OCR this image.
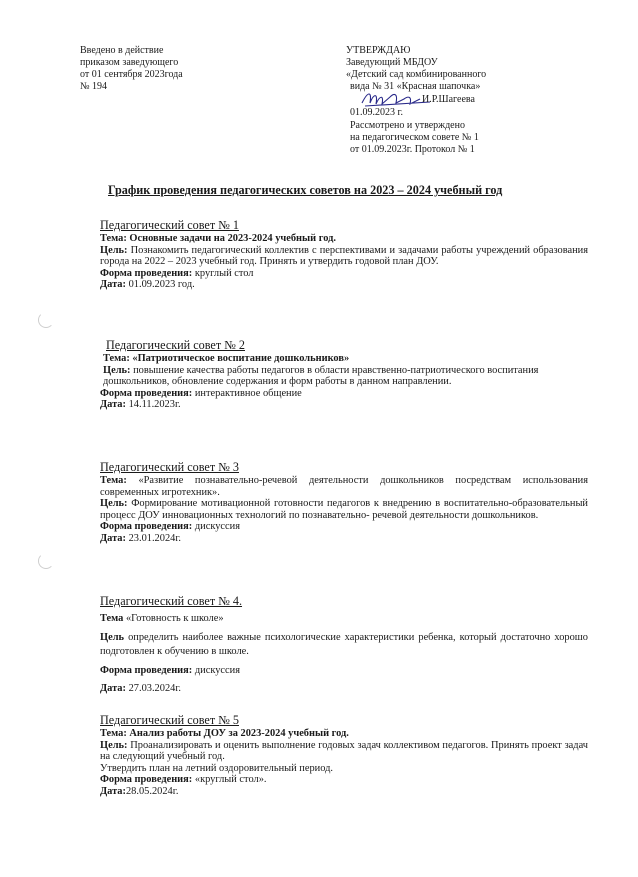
Введено в действие
приказом заведующего
от 01 сентября 2023года
№ 194
УТВЕРЖДАЮ
Заведующий МБДОУ
«Детский сад комбинированного
вида № 31 «Красная шапочка»
И.Р.Шагеева
01.09.2023 г.
Рассмотрено и утверждено
на педагогическом совете № 1
от 01.09.2023г. Протокол № 1
График проведения педагогических советов на 2023 – 2024 учебный год
Педагогический совет № 1

Тема: Основные задачи на 2023-2024 учебный год.

Цель: Познакомить педагогический коллектив с перспективами и задачами работы учреждений образования города на 2022 – 2023 учебный год. Принять и утвердить годовой план ДОУ.

Форма проведения: круглый стол

Дата: 01.09.2023 год.

Педагогический совет № 2

Тема: «Патриотическое воспитание дошкольников»

Цель: повышение качества работы педагогов в области нравственно-патриотического воспитания дошкольников, обновление содержания и форм работы в данном направлении.

Форма проведения: интерактивное общение

Дата: 14.11.2023г.

Педагогический совет № 3

Тема: «Развитие познавательно-речевой деятельности дошкольников посредствам использования современных игротехник».

Цель: Формирование мотивационной готовности педагогов к внедрению в воспитательно-образовательный процесс ДОУ инновационных технологий по познавательно- речевой деятельности дошкольников.

Форма проведения: дискуссия

Дата: 23.01.2024г.

Педагогический совет № 4.

Тема «Готовность к школе»

Цель определить наиболее важные психологические характеристики ребенка, который достаточно хорошо подготовлен к обучению в школе.

Форма проведения: дискуссия

Дата: 27.03.2024г.

Педагогический совет № 5

Тема: Анализ работы ДОУ за 2023-2024 учебный год.

Цель: Проанализировать и оценить выполнение годовых задач коллективом педагогов. Принять проект задач на следующий учебный год.

Утвердить план на летний оздоровительный период.

Форма проведения: «круглый стол».

Дата:28.05.2024г.
